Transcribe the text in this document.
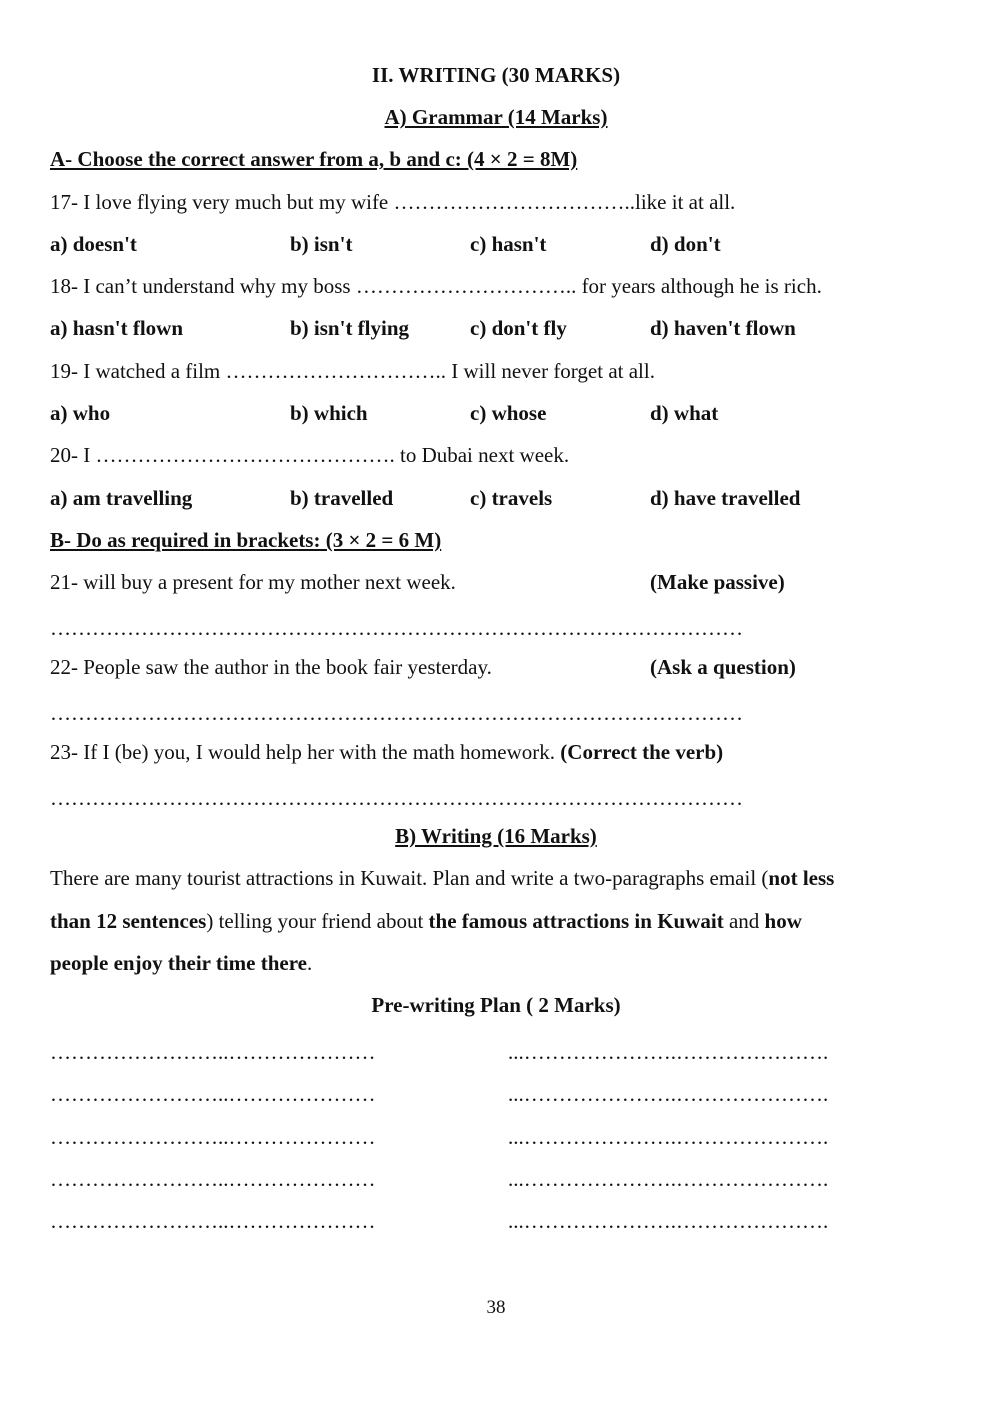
II. WRITING (30 MARKS)
A) Grammar (14 Marks)
A- Choose the correct answer from a, b and c: (4 × 2 = 8M)
17- I love flying very much but my wife ……………………………..like it at all.
a) doesn't	b) isn't	c) hasn't	d) don't
18- I can’t understand why my boss ………………………….. for years although he is rich.
a) hasn't flown	b) isn't flying	c) don't fly	d) haven't flown
19- I watched a film ………………………….. I will never forget at all.
a) who	b) which	c) whose	d) what
20- I ……………………………………. to Dubai next week.
a) am travelling	b) travelled	c) travels	d) have travelled
B- Do as required in brackets: (3 × 2 = 6 M)
21- will buy a present for my mother next week.	(Make passive)
………………………………………………………………………………………
22- People saw the author in the book fair yesterday.	(Ask a question)
………………………………………………………………………………………
23- If I (be) you, I would help her with the math homework. (Correct the verb)
………………………………………………………………………………………
B) Writing (16 Marks)
There are many tourist attractions in Kuwait. Plan and write a two-paragraphs email (not less
than 12 sentences) telling your friend about the famous attractions in Kuwait and how
people enjoy their time there.
Pre-writing Plan ( 2 Marks)
……………………..…………………	...………………….………………….
……………………..…………………	...………………….………………….
……………………..…………………	...………………….………………….
……………………..…………………	...………………….………………….
……………………..…………………	...………………….………………….
38
